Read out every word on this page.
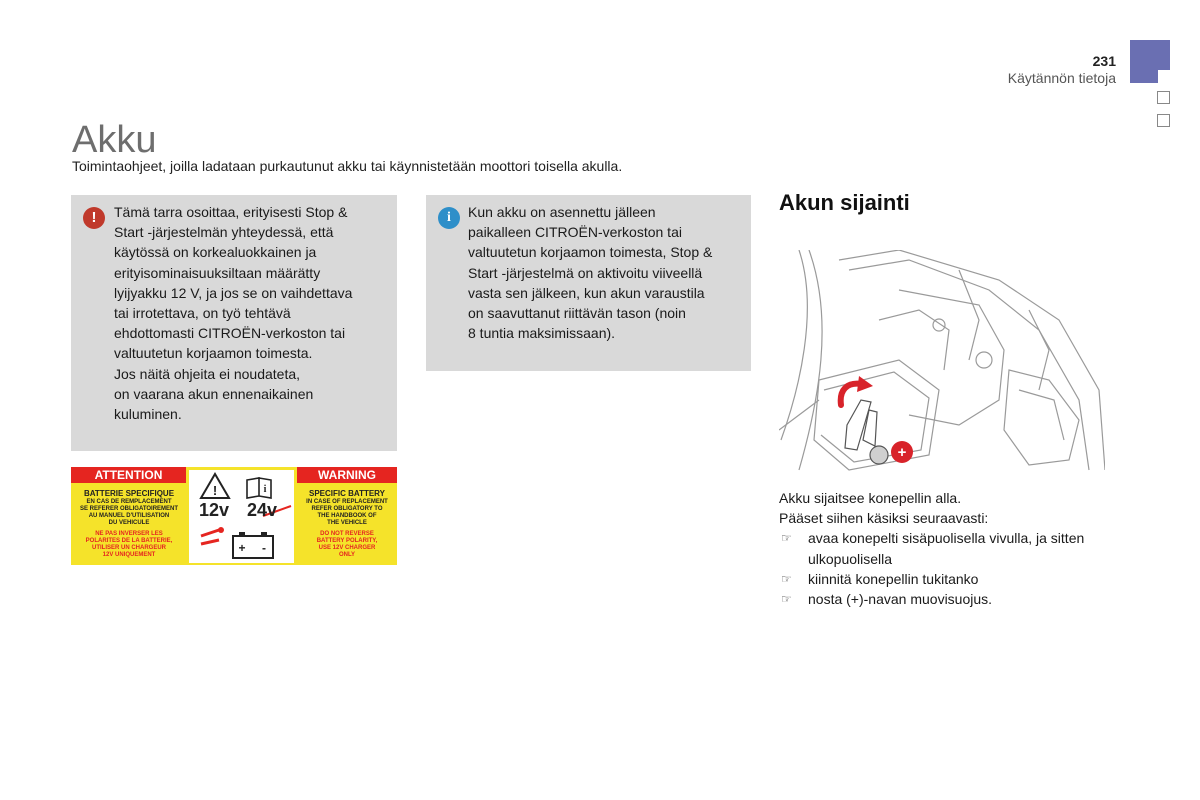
231
Käytännön tietoja
Akku
Toimintaohjeet, joilla ladataan purkautunut akku tai käynnistetään moottori toisella akulla.
!	Tämä tarra osoittaa, erityisesti Stop &
Start -järjestelmän yhteydessä, että
käytössä on korkealuokkainen ja
erityisominaisuuksiltaan määrätty
lyijyakku 12 V, ja jos se on vaihdettava
tai irrotettava, on työ tehtävä
ehdottomasti CITROËN-verkoston tai
valtuutetun korjaamon toimesta.
Jos näitä ohjeita ei noudateta,
on vaarana akun ennenaikainen
kuluminen.
i	Kun akku on asennettu jälleen
paikalleen CITROËN-verkoston tai
valtuutetun korjaamon toimesta, Stop &
Start -järjestelmä on aktivoitu viiveellä
vasta sen jälkeen, kun akun varaustila
on saavuttanut riittävän tason (noin
8 tuntia maksimissaan).
ATTENTION	WARNING
BATTERIE SPECIFIQUE
EN CAS DE REMPLACEMENT
SE REFERER OBLIGATOIREMENT
AU MANUEL D'UTILISATION
DU VEHICULE
NE PAS INVERSER LES
POLARITES DE LA BATTERIE,
UTILISER UN CHARGEUR
12V UNIQUEMENT
SPECIFIC BATTERY
IN CASE OF REPLACEMENT
REFER OBLIGATORY TO
THE HANDBOOK OF
THE VEHICLE
DO NOT REVERSE
BATTERY POLARITY,
USE 12V CHARGER
ONLY
!	i
+ -
12v 24v
Akun sijainti
+
Akku sijaitsee konepellin alla.
Pääset siihen käsiksi seuraavasti:
☞ avaa konepelti sisäpuolisella vivulla, ja sitten ulkopuolisella
☞ kiinnitä konepellin tukitanko
☞ nosta (+)-navan muovisuojus.
